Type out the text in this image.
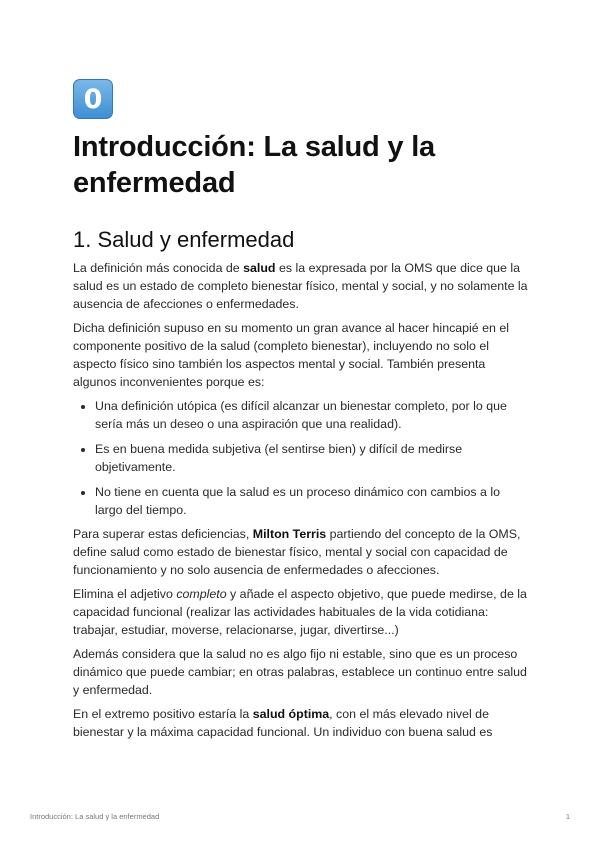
0
Introducción: La salud y la enfermedad
1. Salud y enfermedad

La definición más conocida de salud es la expresada por la OMS que dice que la salud es un estado de completo bienestar físico, mental y social, y no solamente la ausencia de afecciones o enfermedades.

Dicha definición supuso en su momento un gran avance al hacer hincapié en el componente positivo de la salud (completo bienestar), incluyendo no solo el aspecto físico sino también los aspectos mental y social. También presenta algunos inconvenientes porque es:

• Una definición utópica (es difícil alcanzar un bienestar completo, por lo que sería más un deseo o una aspiración que una realidad).
• Es en buena medida subjetiva (el sentirse bien) y difícil de medirse objetivamente.
• No tiene en cuenta que la salud es un proceso dinámico con cambios a lo largo del tiempo.

Para superar estas deficiencias, Milton Terris partiendo del concepto de la OMS, define salud como estado de bienestar físico, mental y social con capacidad de funcionamiento y no solo ausencia de enfermedades o afecciones.

Elimina el adjetivo completo y añade el aspecto objetivo, que puede medirse, de la capacidad funcional (realizar las actividades habituales de la vida cotidiana: trabajar, estudiar, moverse, relacionarse, jugar, divertirse...)

Además considera que la salud no es algo fijo ni estable, sino que es un proceso dinámico que puede cambiar; en otras palabras, establece un continuo entre salud y enfermedad.

En el extremo positivo estaría la salud óptima, con el más elevado nivel de bienestar y la máxima capacidad funcional. Un individuo con buena salud es

Introducción: La salud y la enfermedad	1
